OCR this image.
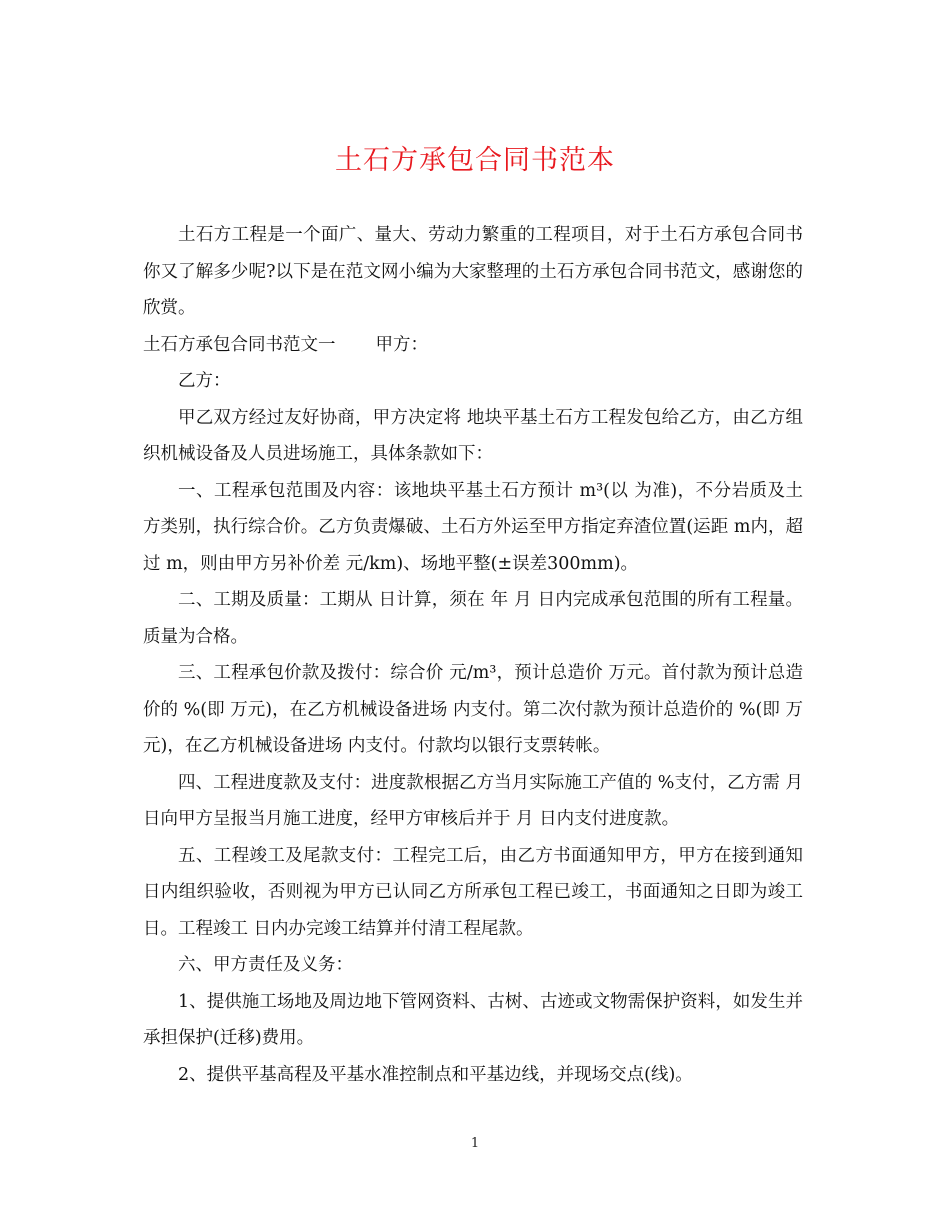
土石方承包合同书范本

土石方工程是一个面广、量大、劳动力繁重的工程项目，对于土石方承包合同书你又了解多少呢?以下是在范文网小编为大家整理的土石方承包合同书范文，感谢您的欣赏。

土石方承包合同书范文一 甲方：

乙方：

甲乙双方经过友好协商，甲方决定将 地块平基土石方工程发包给乙方，由乙方组织机械设备及人员进场施工，具体条款如下：

一、工程承包范围及内容：该地块平基土石方预计 m³(以 为准)，不分岩质及土方类别，执行综合价。乙方负责爆破、土石方外运至甲方指定弃渣位置(运距 m内，超过 m，则由甲方另补价差 元/km)、场地平整(±误差300mm)。

二、工期及质量：工期从 日计算，须在 年 月 日内完成承包范围的所有工程量。质量为合格。

三、工程承包价款及拨付：综合价 元/m³，预计总造价 万元。首付款为预计总造价的 %(即 万元)，在乙方机械设备进场 内支付。第二次付款为预计总造价的 %(即 万元)，在乙方机械设备进场 内支付。付款均以银行支票转帐。

四、工程进度款及支付：进度款根据乙方当月实际施工产值的 %支付，乙方需 月 日向甲方呈报当月施工进度，经甲方审核后并于 月 日内支付进度款。

五、工程竣工及尾款支付：工程完工后，由乙方书面通知甲方，甲方在接到通知 日内组织验收，否则视为甲方已认同乙方所承包工程已竣工，书面通知之日即为竣工日。工程竣工 日内办完竣工结算并付清工程尾款。

六、甲方责任及义务：

1、提供施工场地及周边地下管网资料、古树、古迹或文物需保护资料，如发生并承担保护(迁移)费用。

2、提供平基高程及平基水准控制点和平基边线，并现场交点(线)。

1
